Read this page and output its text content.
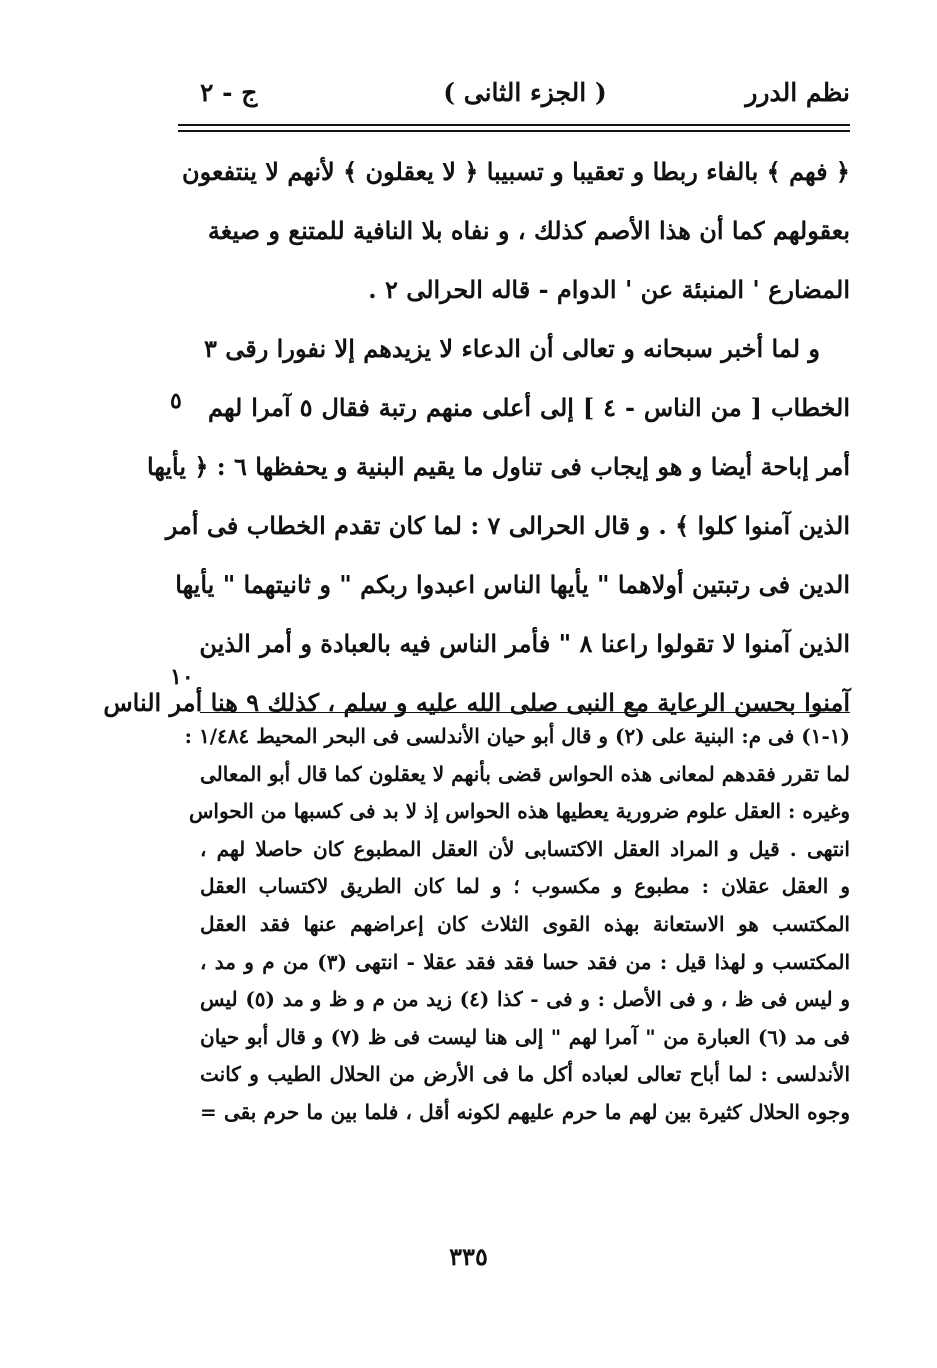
نظم الدرر
( الجزء الثانى )
ج - ٢
﴿ فهم ﴾ بالفاء ربطا و تعقيبا و تسبيبا ﴿ لا يعقلون ﴾ لأنهم لا ينتفعون
بعقولهم كما أن هذا الأصم كذلك ، و نفاه بلا النافية للمتنع و صيغة
المضارع ' المنبئة عن ' الدوام - قاله الحرالى ٢ .
و لما أخبر سبحانه و تعالى أن الدعاء لا يزيدهم إلا نفورا رقى ٣
الخطاب [ من الناس - ٤ ] إلى أعلى منهم رتبة فقال ٥ آمرا لهم
أمر إباحة أيضا و هو إيجاب فى تناول ما يقيم البنية و يحفظها ٦ : ﴿ يأيها
الذين آمنوا كلوا ﴾ . و قال الحرالى ٧ : لما كان تقدم الخطاب فى أمر
الدين فى رتبتين أولاهما " يأيها الناس اعبدوا ربكم " و ثانيتهما " يأيها
الذين آمنوا لا تقولوا راعنا ٨ " فأمر الناس فيه بالعبادة و أمر الذين
آمنوا بحسن الرعاية مع النبى صلى الله عليه و سلم ، كذلك ٩ هنا أمر الناس
٥
١٠
(١-١) فى م: البنية على (٢) و قال أبو حيان الأندلسى فى البحر المحيط ١/٤٨٤ :
لما تقرر فقدهم لمعانى هذه الحواس قضى بأنهم لا يعقلون كما قال أبو المعالى
وغيره : العقل علوم ضرورية يعطيها هذه الحواس إذ لا بد فى كسبها من الحواس
انتهى . قيل و المراد العقل الاكتسابى لأن العقل المطبوع كان حاصلا لهم ،
و العقل عقلان : مطبوع و مكسوب ؛ و لما كان الطريق لاكتساب العقل
المكتسب هو الاستعانة بهذه القوى الثلاث كان إعراضهم عنها فقد العقل
المكتسب و لهذا قيل : من فقد حسا فقد فقد عقلا - انتهى (٣) من م و مد ،
و ليس فى ظ ، و فى الأصل : و فى - كذا (٤) زيد من م و ظ و مد (٥) ليس
فى مد (٦) العبارة من " آمرا لهم " إلى هنا ليست فى ظ (٧) و قال أبو حيان
الأندلسى : لما أباح تعالى لعباده أكل ما فى الأرض من الحلال الطيب و كانت
وجوه الحلال كثيرة بين لهم ما حرم عليهم لكونه أقل ، فلما بين ما حرم بقى =
٣٣٥
